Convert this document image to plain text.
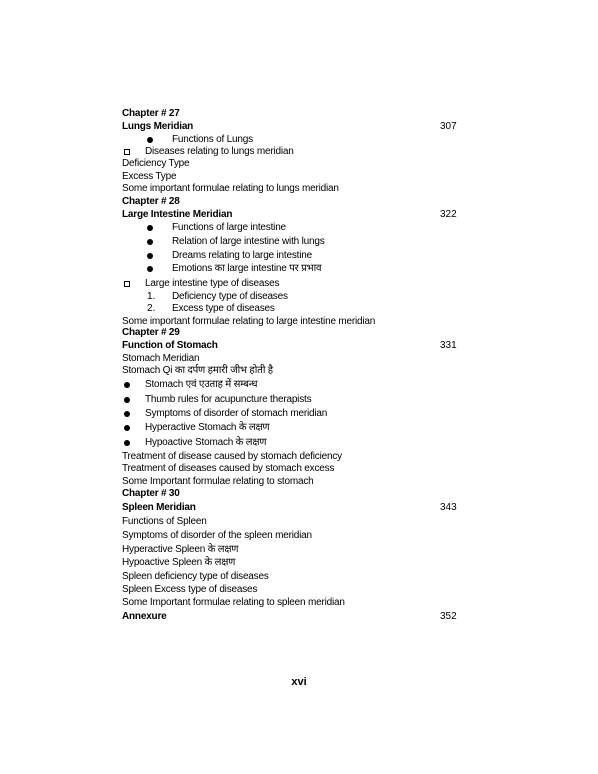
Chapter # 27
Lungs Meridian	307
Functions of Lungs
Diseases relating to lungs meridian
Deficiency Type
Excess Type
Some important formulae relating to lungs meridian
Chapter # 28
Large Intestine Meridian	322
Functions of large intestine
Relation of large intestine with lungs
Dreams relating to large intestine
Emotions का large intestine पर प्रभाव
Large intestine type of diseases
1. Deficiency type of diseases
2. Excess type of diseases
Some important formulae relating to large intestine meridian
Chapter # 29
Function of Stomach	331
Stomach Meridian
Stomach Qi का दर्पण हमारी जीभ होती है
Stomach एवं एउताह में सम्बन्ध
Thumb rules for acupuncture therapists
Symptoms of disorder of stomach meridian
Hyperactive Stomach के लक्षण
Hypoactive Stomach के लक्षण
Treatment of disease caused by stomach deficiency
Treatment of diseases caused by stomach excess
Some Important formulae relating to stomach
Chapter # 30
Spleen Meridian	343
Functions of Spleen
Symptoms of disorder of the spleen meridian
Hyperactive Spleen के लक्षण
Hypoactive Spleen के लक्षण
Spleen deficiency type of diseases
Spleen Excess type of diseases
Some Important formulae relating to spleen meridian
Annexure	352
xvi
